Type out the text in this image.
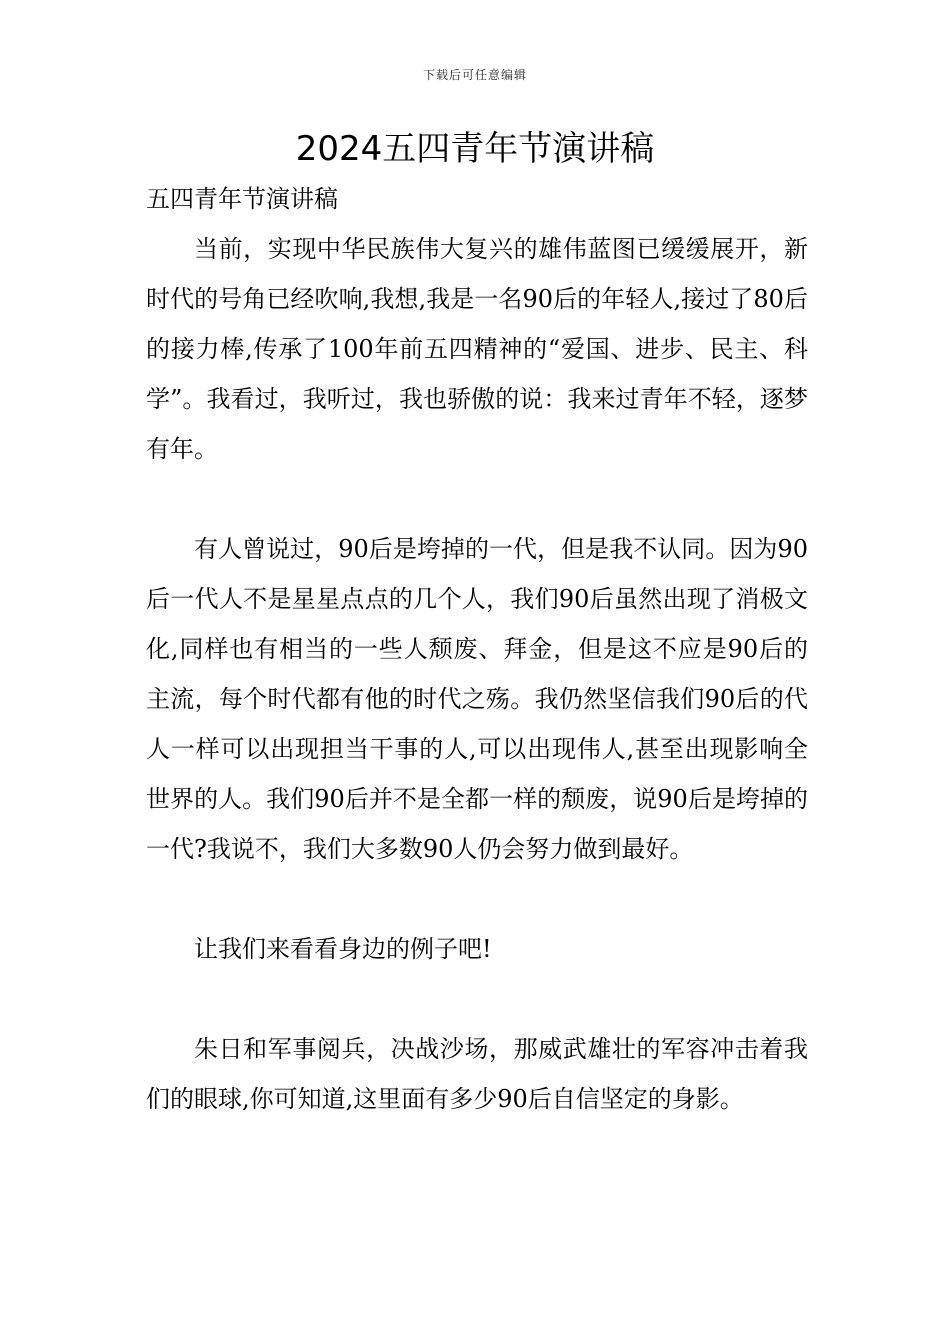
下载后可任意编辑
2024五四青年节演讲稿

五四青年节演讲稿

当前，实现中华民族伟大复兴的雄伟蓝图已缓缓展开，新时代的号角已经吹响,我想,我是一名90后的年轻人,接过了80后的接力棒,传承了100年前五四精神的“爱国、进步、民主、科学”。我看过，我听过，我也骄傲的说：我来过青年不轻，逐梦有年。

有人曾说过，90后是垮掉的一代，但是我不认同。因为90后一代人不是星星点点的几个人，我们90后虽然出现了消极文化,同样也有相当的一些人颓废、拜金，但是这不应是90后的主流，每个时代都有他的时代之殇。我仍然坚信我们90后的代人一样可以出现担当干事的人,可以出现伟人,甚至出现影响全世界的人。我们90后并不是全都一样的颓废，说90后是垮掉的一代?我说不，我们大多数90人仍会努力做到最好。

让我们来看看身边的例子吧!

朱日和军事阅兵，决战沙场，那威武雄壮的军容冲击着我们的眼球,你可知道,这里面有多少90后自信坚定的身影。
